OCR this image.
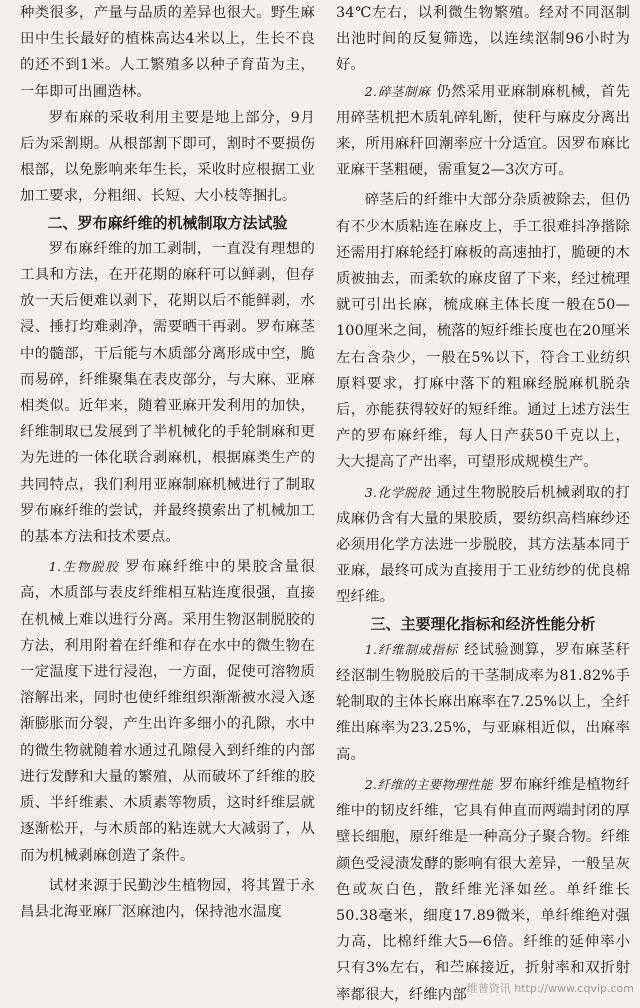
种类很多，产量与品质的差异也很大。野生麻田中生长最好的植株高达4米以上，生长不良的还不到1米。人工繁殖多以种子育苗为主，一年即可出圃造林。

罗布麻的采收利用主要是地上部分，9月后为采割期。从根部割下即可，割时不要损伤根部，以免影响来年生长，采收时应根据工业加工要求，分粗细、长短、大小枝等捆扎。

二、罗布麻纤维的机械制取方法试验

罗布麻纤维的加工剥制，一直没有理想的工具和方法，在开花期的麻秆可以鲜剥，但存放一天后便难以剥下，花期以后不能鲜剥，水浸、捶打均难剥净，需要晒干再剥。罗布麻茎中的髓部，干后能与木质部分离形成中空，脆而易碎，纤维聚集在表皮部分，与大麻、亚麻相类似。近年来，随着亚麻开发利用的加快，纤维制取已发展到了半机械化的手轮制麻和更为先进的一体化联合剥麻机，根据麻类生产的共同特点，我们利用亚麻制麻机械进行了制取罗布麻纤维的尝试，并最终摸索出了机械加工的基本方法和技术要点。

1.生物脱胶 罗布麻纤维中的果胶含量很高，木质部与表皮纤维相互粘连度很强，直接在机械上难以进行分离。采用生物沤制脱胶的方法，利用附着在纤维和存在水中的微生物在一定温度下进行浸泡，一方面，促使可溶物质溶解出来，同时也使纤维组织渐渐被水浸入逐渐膨胀而分裂，产生出许多细小的孔隙，水中的微生物就随着水通过孔隙侵入到纤维的内部进行发酵和大量的繁殖，从而破坏了纤维的胶质、半纤维素、木质素等物质，这时纤维层就逐渐松开，与木质部的粘连就大大减弱了，从而为机械剥麻创造了条件。

试材来源于民勤沙生植物园，将其置于永昌县北海亚麻厂沤麻池内，保持池水温度

34℃左右，以利微生物繁殖。经对不同沤制出池时间的反复筛选，以连续沤制96小时为好。

2.碎茎制麻 仍然采用亚麻制麻机械，首先用碎茎机把木质轧碎轧断，使秆与麻皮分离出来，所用麻秆回潮率应十分适宜。因罗布麻比亚麻干茎粗硬，需重复2—3次方可。

碎茎后的纤维中大部分杂质被除去，但仍有不少木质粘连在麻皮上，手工很难抖净揩除还需用打麻轮经打麻板的高速抽打，脆硬的木质被抽去，而柔软的麻皮留了下来，经过梳理就可引出长麻，梳成麻主体长度一般在50—100厘米之间，梳落的短纤维长度也在20厘米左右含杂少，一般在5%以下，符合工业纺织原料要求，打麻中落下的粗麻经脱麻机脱杂后，亦能获得较好的短纤维。通过上述方法生产的罗布麻纤维，每人日产获50千克以上，大大提高了产出率，可望形成规模生产。

3.化学脱胶 通过生物脱胶后机械剥取的打成麻仍含有大量的果胶质，要纺织高档麻纱还必须用化学方法进一步脱胶，其方法基本同于亚麻，最终可成为直接用于工业纺纱的优良棉型纤维。

三、主要理化指标和经济性能分析

1.纤维制成指标 经试验测算，罗布麻茎秆经沤制生物脱胶后的干茎制成率为81.82%手轮制取的主体长麻出麻率在7.25%以上，全纤维出麻率为23.25%，与亚麻相近似，出麻率高。

2.纤维的主要物理性能 罗布麻纤维是植物纤维中的韧皮纤维，它具有伸直而两端封闭的厚壁长细胞，原纤维是一种高分子聚合物。纤维颜色受浸渍发酵的影响有很大差异，一般呈灰色或灰白色，散纤维光泽如丝。单纤维长50.38毫米，细度17.89微米，单纤维绝对强力高，比棉纤维大5—6倍。纤维的延伸率小只有3%左右，和苎麻接近，折射率和双折射率都很大，纤维内部 维普资讯 http://www.cqvip.com
